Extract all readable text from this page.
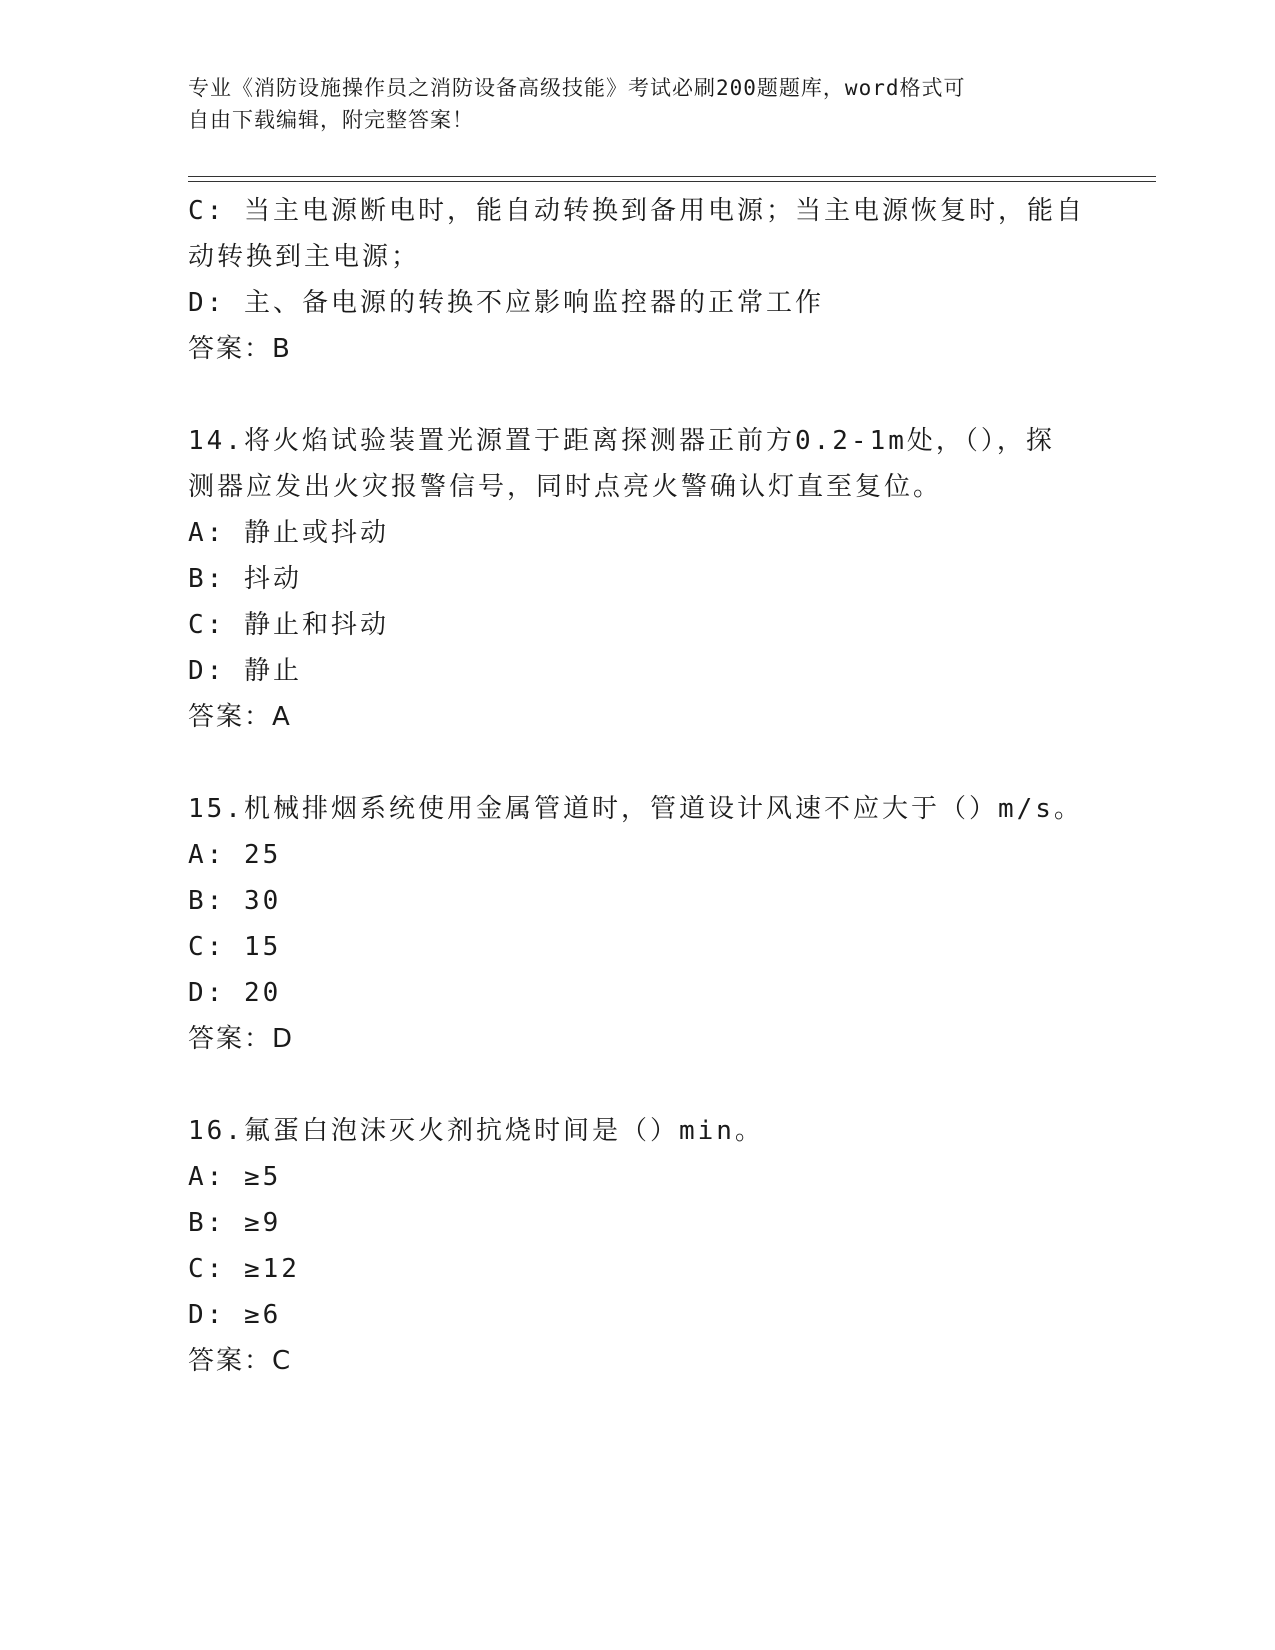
专业《消防设施操作员之消防设备高级技能》考试必刷200题题库，word格式可
自由下载编辑，附完整答案！
C: 当主电源断电时，能自动转换到备用电源；当主电源恢复时，能自
动转换到主电源；
D: 主、备电源的转换不应影响监控器的正常工作
答案：B
14.将火焰试验装置光源置于距离探测器正前方0.2-1m处，（），探
测器应发出火灾报警信号，同时点亮火警确认灯直至复位。
A: 静止或抖动
B: 抖动
C: 静止和抖动
D: 静止
答案：A
15.机械排烟系统使用金属管道时，管道设计风速不应大于（）m/s。
A: 25
B: 30
C: 15
D: 20
答案：D
16.氟蛋白泡沫灭火剂抗烧时间是（）min。
A: ≥5
B: ≥9
C: ≥12
D: ≥6
答案：C
